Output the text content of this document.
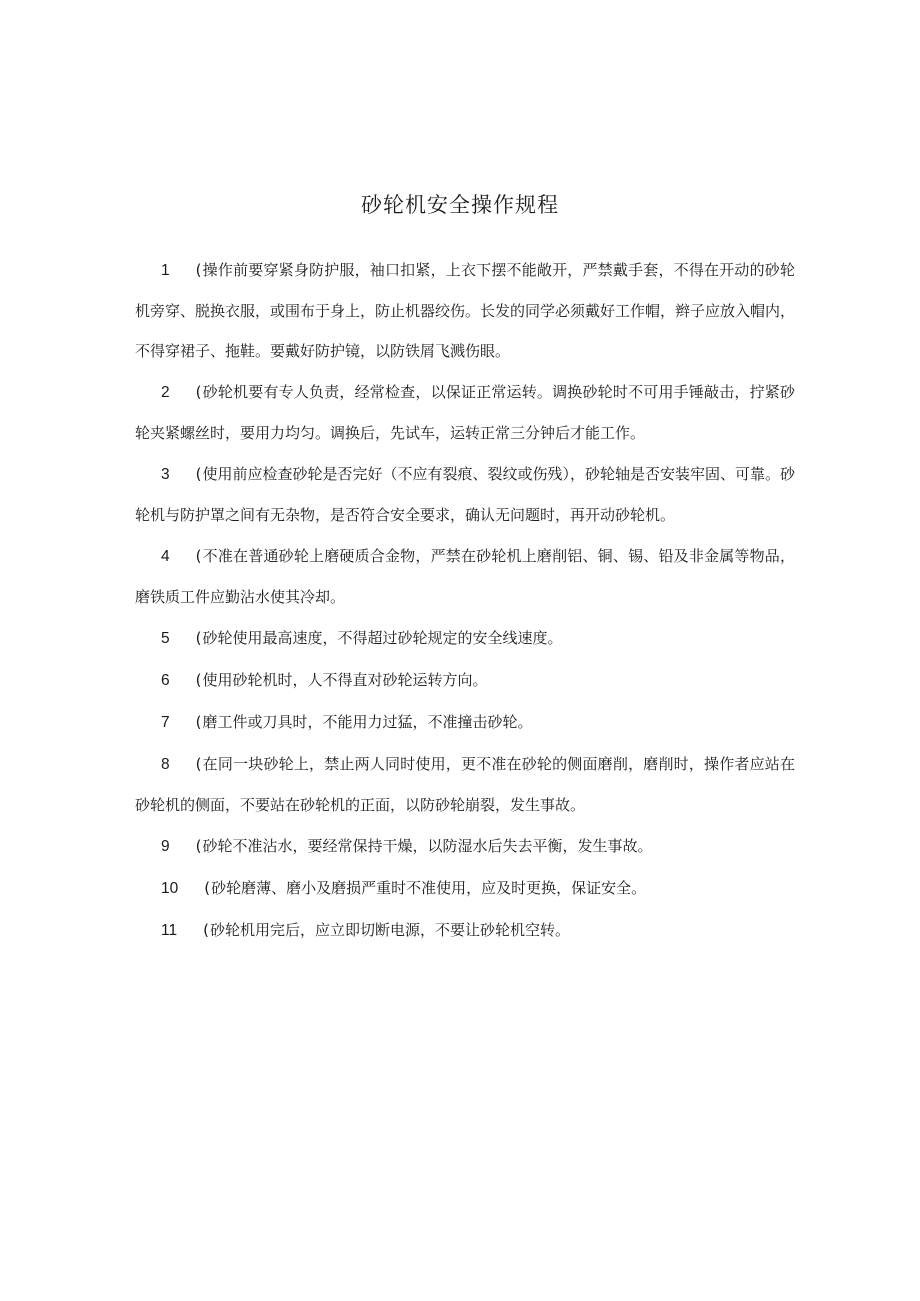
砂轮机安全操作规程
1 (操作前要穿紧身防护服，袖口扣紧，上衣下摆不能敞开，严禁戴手套，不得在开动的砂轮机旁穿、脱换衣服，或围布于身上，防止机器绞伤。长发的同学必须戴好工作帽，辫子应放入帽内，不得穿裙子、拖鞋。要戴好防护镜，以防铁屑飞溅伤眼。
2 (砂轮机要有专人负责，经常检查，以保证正常运转。调换砂轮时不可用手锤敲击，拧紧砂轮夹紧螺丝时，要用力均匀。调换后，先试车，运转正常三分钟后才能工作。
3 (使用前应检查砂轮是否完好（不应有裂痕、裂纹或伤残），砂轮轴是否安装牢固、可靠。砂轮机与防护罩之间有无杂物，是否符合安全要求，确认无问题时，再开动砂轮机。
4 (不准在普通砂轮上磨硬质合金物，严禁在砂轮机上磨削铝、铜、锡、铅及非金属等物品，磨铁质工件应勤沾水使其冷却。
5 (砂轮使用最高速度，不得超过砂轮规定的安全线速度。
6 (使用砂轮机时，人不得直对砂轮运转方向。
7 (磨工件或刀具时，不能用力过猛，不准撞击砂轮。
8 (在同一块砂轮上，禁止两人同时使用，更不准在砂轮的侧面磨削，磨削时，操作者应站在砂轮机的侧面，不要站在砂轮机的正面，以防砂轮崩裂，发生事故。
9 (砂轮不准沾水，要经常保持干燥，以防湿水后失去平衡，发生事故。
10 (砂轮磨薄、磨小及磨损严重时不准使用，应及时更换，保证安全。
11 (砂轮机用完后，应立即切断电源，不要让砂轮机空转。
